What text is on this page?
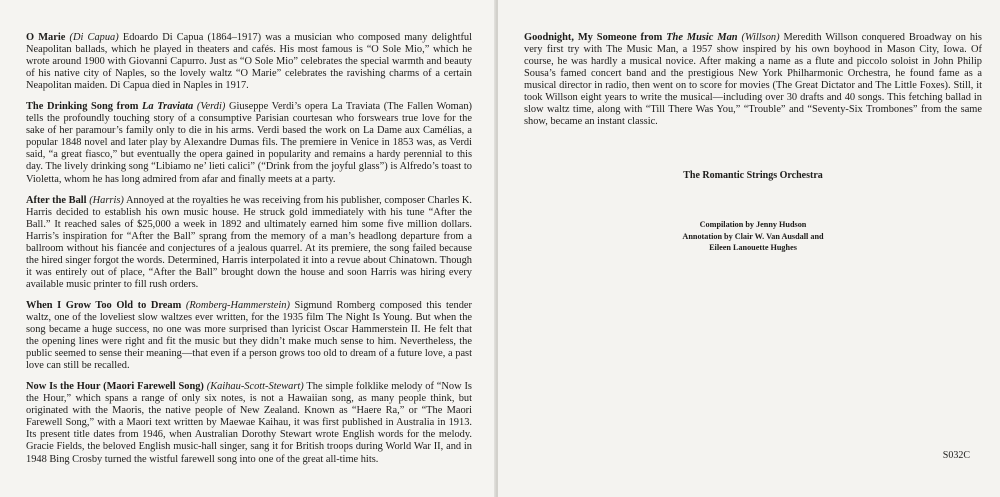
O Marie (Di Capua) Edoardo Di Capua (1864–1917) was a musician who composed many delightful Neapolitan ballads, which he played in theaters and cafés. His most famous is “O Sole Mio,” which he wrote around 1900 with Giovanni Capurro. Just as “O Sole Mio” celebrates the special warmth and beauty of his native city of Naples, so the lovely waltz “O Marie” celebrates the ravishing charms of a certain Neapolitan maiden. Di Capua died in Naples in 1917.

The Drinking Song from La Traviata (Verdi) Giuseppe Verdi’s opera La Traviata (The Fallen Woman) tells the profoundly touching story of a consumptive Parisian courtesan who forswears true love for the sake of her paramour’s family only to die in his arms. Verdi based the work on La Dame aux Camélias, a popular 1848 novel and later play by Alexandre Dumas fils. The premiere in Venice in 1853 was, as Verdi said, “a great fiasco,” but eventually the opera gained in popularity and remains a hardy perennial to this day. The lively drinking song “Libiamo ne’ lieti calici” (“Drink from the joyful glass”) is Alfredo’s toast to Violetta, whom he has long admired from afar and finally meets at a party.

After the Ball (Harris) Annoyed at the royalties he was receiving from his publisher, composer Charles K. Harris decided to establish his own music house. He struck gold immediately with his tune “After the Ball.” It reached sales of $25,000 a week in 1892 and ultimately earned him some five million dollars. Harris’s inspiration for “After the Ball” sprang from the memory of a man’s headlong departure from a ballroom without his fiancée and conjectures of a jealous quarrel. At its premiere, the song failed because the hired singer forgot the words. Determined, Harris interpolated it into a revue about Chinatown. Though it was entirely out of place, “After the Ball” brought down the house and soon Harris was hiring every available music printer to fill rush orders.

When I Grow Too Old to Dream (Romberg-Hammerstein) Sigmund Romberg composed this tender waltz, one of the loveliest slow waltzes ever written, for the 1935 film The Night Is Young. But when the song became a huge success, no one was more surprised than lyricist Oscar Hammerstein II. He felt that the opening lines were right and fit the music but they didn’t make much sense to him. Nevertheless, the public seemed to sense their meaning—that even if a person grows too old to dream of a future love, a past love can still be recalled.

Now Is the Hour (Maori Farewell Song) (Kaihau-Scott-Stewart) The simple folklike melody of “Now Is the Hour,” which spans a range of only six notes, is not a Hawaiian song, as many people think, but originated with the Maoris, the native people of New Zealand. Known as “Haere Ra,” or “The Maori Farewell Song,” with a Maori text written by Maewae Kaihau, it was first published in Australia in 1913. Its present title dates from 1946, when Australian Dorothy Stewart wrote English words for the melody. Gracie Fields, the beloved English music-hall singer, sang it for British troops during World War II, and in 1948 Bing Crosby turned the wistful farewell song into one of the great all-time hits.

Goodnight, My Someone from The Music Man (Willson) Meredith Willson conquered Broadway on his very first try with The Music Man, a 1957 show inspired by his own boyhood in Mason City, Iowa. Of course, he was hardly a musical novice. After making a name as a flute and piccolo soloist in John Philip Sousa’s famed concert band and the prestigious New York Philharmonic Orchestra, he found fame as a musical director in radio, then went on to score for movies (The Great Dictator and The Little Foxes). Still, it took Willson eight years to write the musical—including over 30 drafts and 40 songs. This fetching ballad in slow waltz time, along with “Till There Was You,” “Trouble” and “Seventy-Six Trombones” from the same show, became an instant classic.

The Romantic Strings Orchestra
Compilation by Jenny Hudson
Annotation by Clair W. Van Ausdall and
Eileen Lanouette Hughes
S032C
